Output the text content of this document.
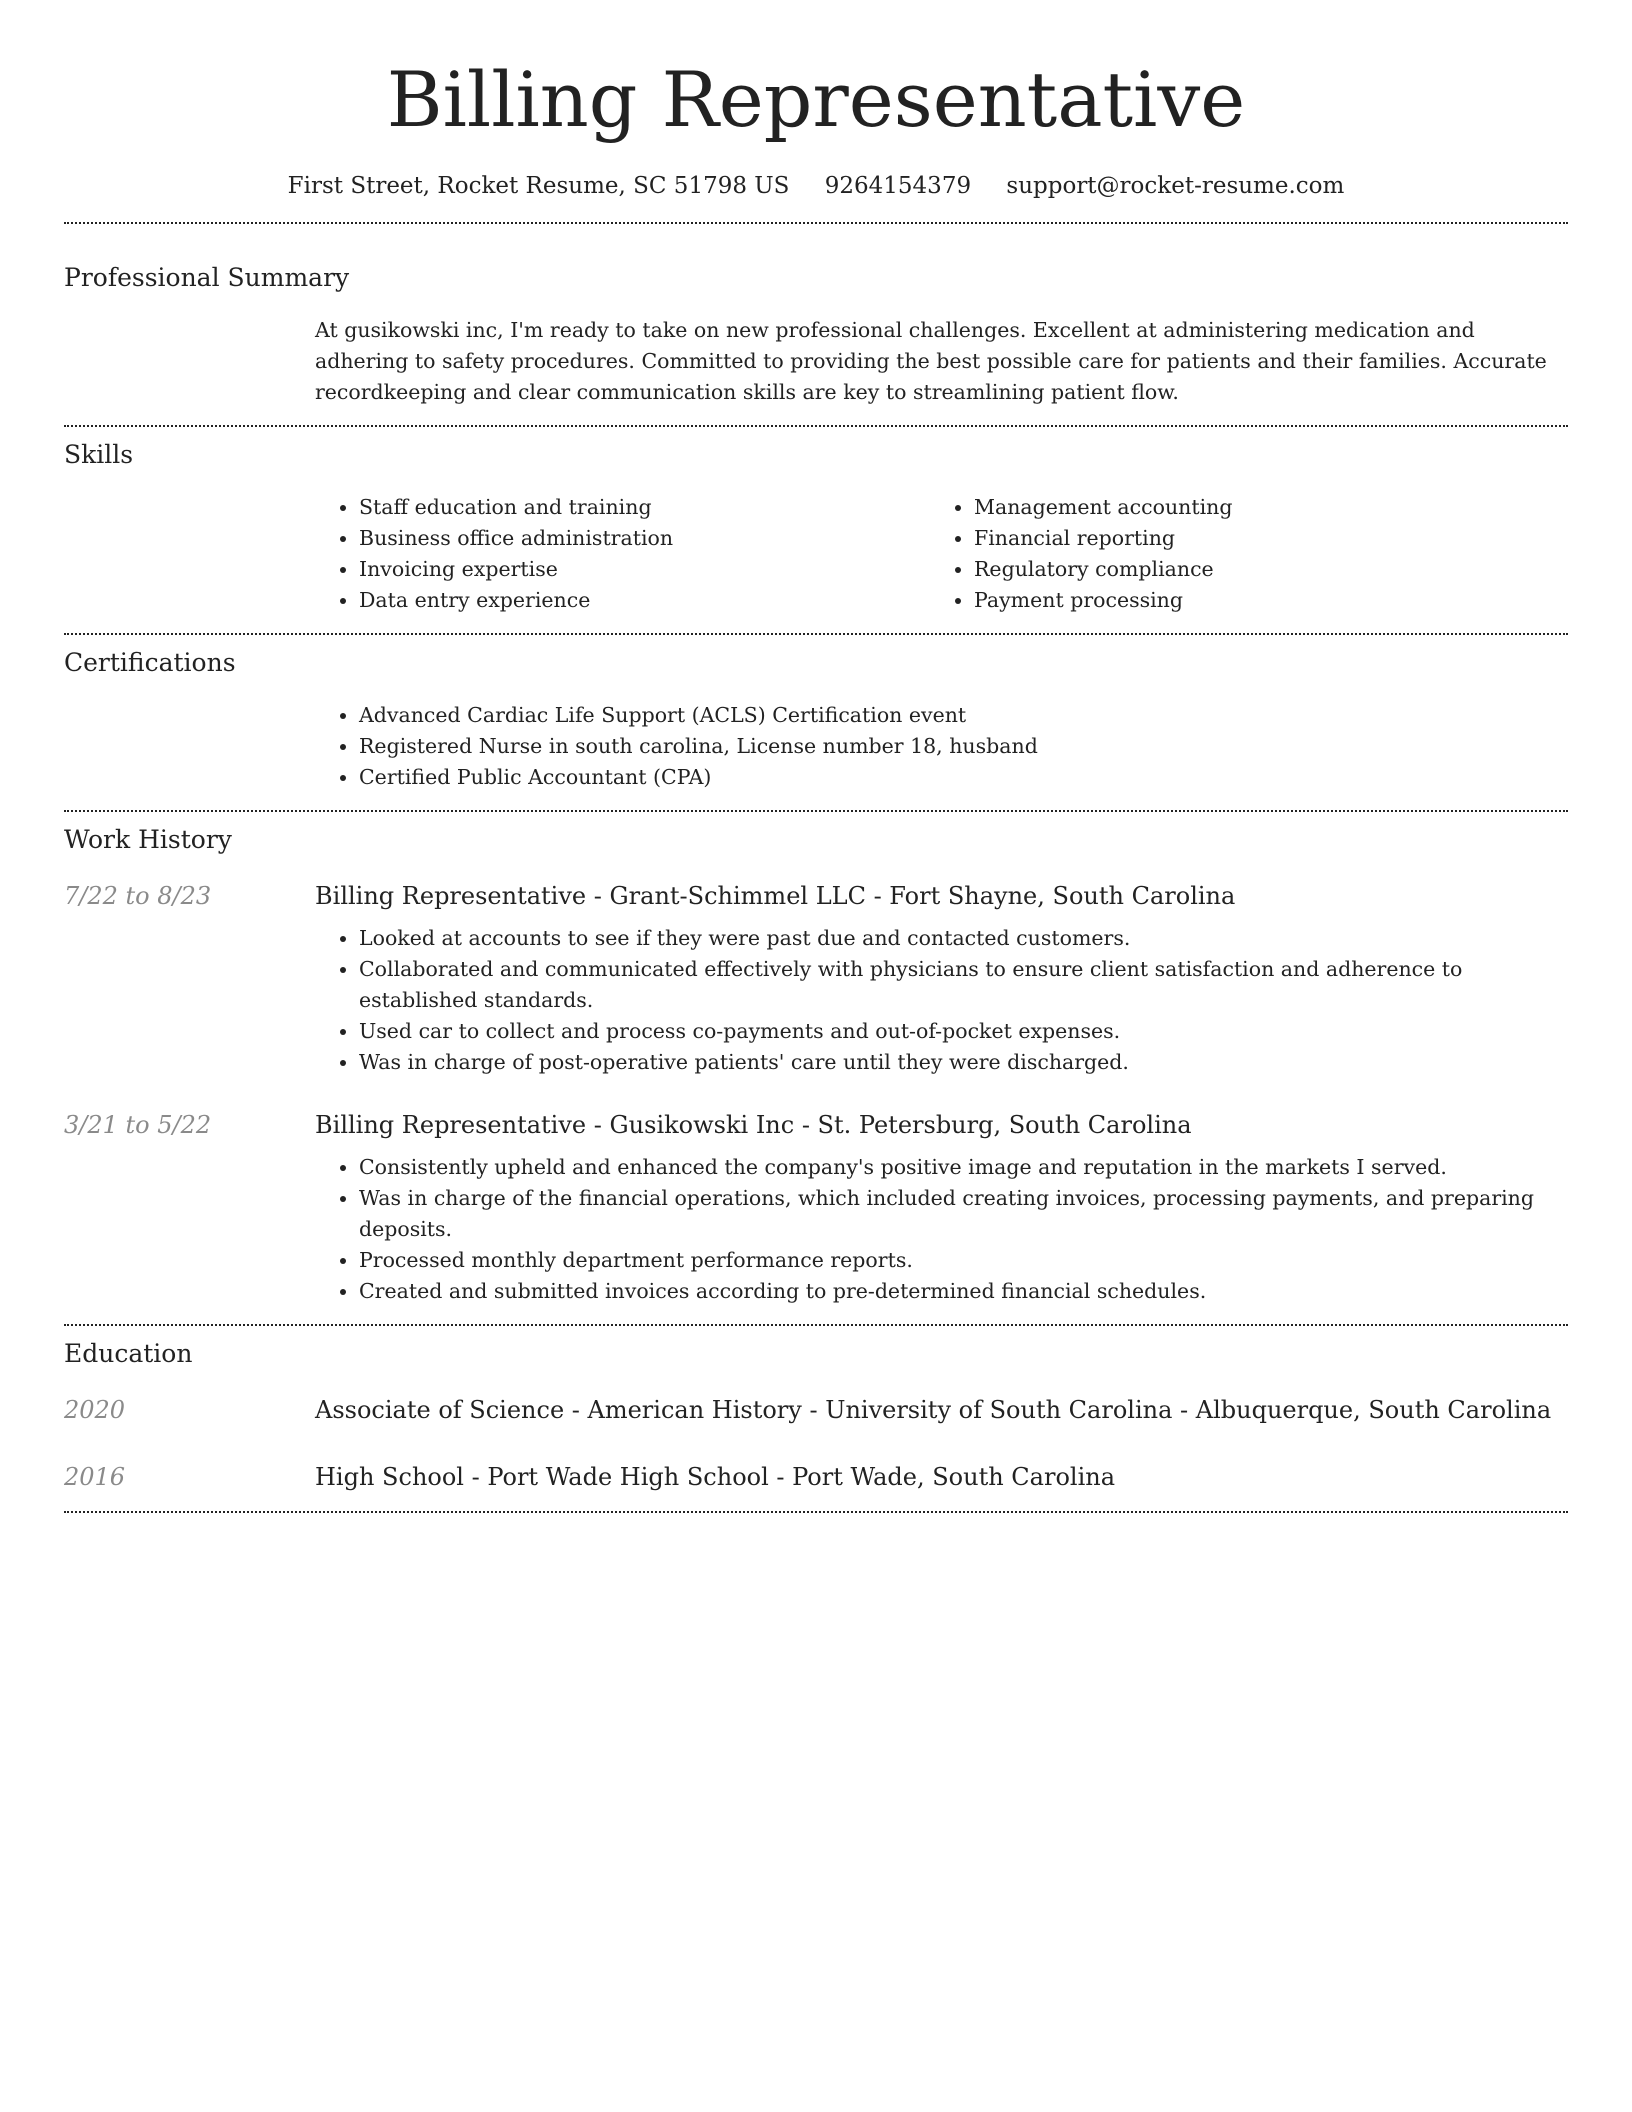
Billing Representative
First Street, Rocket Resume, SC 51798 US 9264154379 support@rocket-resume.com
Professional Summary

At gusikowski inc, I'm ready to take on new professional challenges. Excellent at administering medication and adhering to safety procedures. Committed to providing the best possible care for patients and their families. Accurate recordkeeping and clear communication skills are key to streamlining patient flow.

Skills
• Staff education and training
• Business office administration
• Invoicing expertise
• Data entry experience
• Management accounting
• Financial reporting
• Regulatory compliance
• Payment processing
Certifications
• Advanced Cardiac Life Support (ACLS) Certification event
• Registered Nurse in south carolina, License number 18, husband
• Certified Public Accountant (CPA)
Work History
7/22 to 8/23	Billing Representative - Grant-Schimmel LLC - Fort Shayne, South Carolina
• Looked at accounts to see if they were past due and contacted customers.
• Collaborated and communicated effectively with physicians to ensure client satisfaction and adherence to established standards.
• Used car to collect and process co-payments and out-of-pocket expenses.
• Was in charge of post-operative patients' care until they were discharged.
3/21 to 5/22	Billing Representative - Gusikowski Inc - St. Petersburg, South Carolina
• Consistently upheld and enhanced the company's positive image and reputation in the markets I served.
• Was in charge of the financial operations, which included creating invoices, processing payments, and preparing deposits.
• Processed monthly department performance reports.
• Created and submitted invoices according to pre-determined financial schedules.
Education
2020	Associate of Science - American History - University of South Carolina - Albuquerque, South Carolina
2016	High School - Port Wade High School - Port Wade, South Carolina
